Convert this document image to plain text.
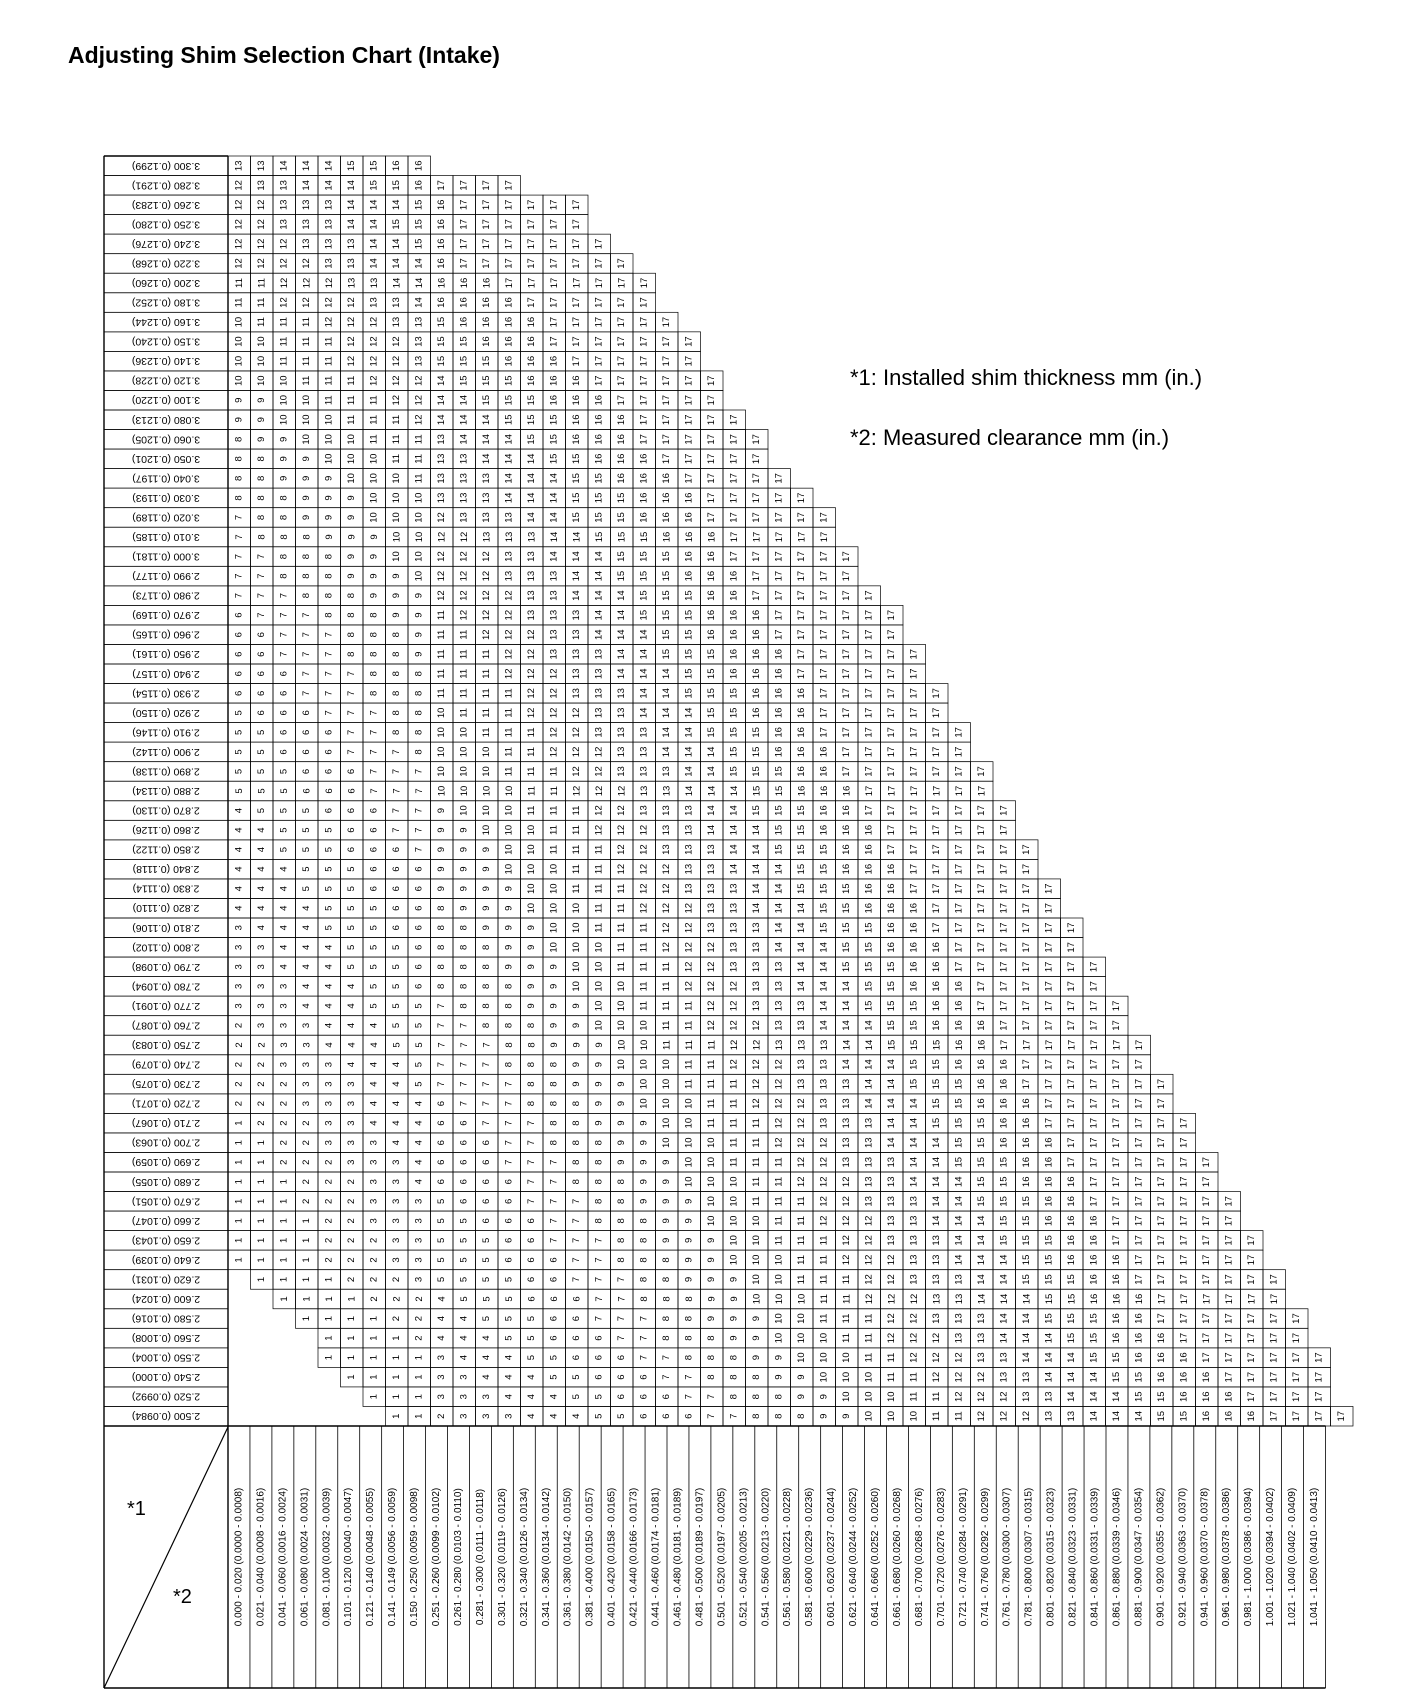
Adjusting Shim Selection Chart (Intake)
*1: Installed shim thickness mm (in.)
*2: Measured clearance mm (in.)
13 13 14 14 14 15 15 16 16
12 13 13 14 14 14 15 15 16 17 17 17 17
12 12 13 13 13 14 14 14 15 16 17 17 17 17 17 17
12 12 13 13 13 14 14 15 15 16 17 17 17 17 17 17
12 12 12 13 13 13 14 14 15 16 17 17 17 17 17 17 17
12 12 12 12 13 13 14 14 14 16 17 17 17 17 17 17 17 17
11 11 12 12 12 13 13 14 14 16 16 16 17 17 17 17 17 17 17
11 11 12 12 12 12 13 13 14 16 16 16 16 17 17 17 17 17 17
10 11 11 11 12 12 12 13 13 15 16 16 16 16 17 17 17 17 17 17
10 10 11 11 11 12 12 12 13 15 15 16 16 16 17 17 17 17 17 17 17
10 10 11 11 11 12 12 12 13 15 15 15 16 16 16 17 17 17 17 17 17
10 10 10 11 11 11 12 12 12 14 15 15 15 16 16 16 17 17 17 17 17 17
9 9 10 10 11 11 11 12 12 14 14 15 15 15 16 16 16 17 17 17 17 17
9 9 10 10 10 11 11 11 12 14 14 14 15 15 15 16 16 16 17 17 17 17 17
8 9 9 10 10 10 11 11 11 13 14 14 14 15 15 16 16 16 17 17 17 17 17 17
8 8 9 9 10 10 10 11 11 13 13 14 14 14 15 15 16 16 16 17 17 17 17 17
8 8 9 9 9 10 10 10 11 13 13 13 14 14 14 15 15 16 16 16 17 17 17 17 17
8 8 8 9 9 9 10 10 10 13 13 13 14 14 14 15 15 15 16 16 16 17 17 17 17 17
7 8 8 9 9 9 10 10 10 12 13 13 13 14 14 15 15 15 16 16 16 17 17 17 17 17 17
7 8 8 8 9 9 9 10 10 12 12 13 13 13 14 14 15 15 15 16 16 16 17 17 17 17 17
7 7 8 8 8 9 9 10 10 12 12 12 13 13 14 14 14 15 15 15 16 16 17 17 17 17 17 17
7 7 8 8 8 9 9 9 10 12 12 12 13 13 13 14 14 15 15 15 16 16 16 17 17 17 17 17
7 7 7 8 8 8 9 9 9 12 12 12 12 13 13 14 14 14 15 15 15 16 16 17 17 17 17 17 17
6 7 7 7 8 8 8 9 9 11 12 12 12 13 13 13 14 14 15 15 15 16 16 16 17 17 17 17 17 17
6 6 7 7 7 8 8 8 9 11 11 12 12 12 13 13 14 14 14 15 15 16 16 16 17 17 17 17 17 17
6 6 7 7 7 8 8 8 9 11 11 11 12 12 13 13 13 14 14 15 15 15 16 16 16 17 17 17 17 17 17
6 6 6 7 7 7 8 8 8 11 11 11 12 12 12 13 13 14 14 14 15 15 16 16 16 17 17 17 17 17 17
6 6 6 7 7 7 8 8 8 11 11 11 11 12 12 13 13 13 14 14 15 15 15 16 16 16 17 17 17 17 17 17
5 6 6 6 7 7 7 8 8 10 11 11 11 12 12 12 13 13 14 14 14 15 15 16 16 16 17 17 17 17 17 17
5 5 6 6 6 7 7 8 8 10 10 11 11 11 12 12 13 13 13 14 14 15 15 15 16 16 17 17 17 17 17 17 17
5 5 6 6 6 7 7 7 8 10 10 10 11 11 12 12 12 13 13 14 14 14 15 15 16 16 16 17 17 17 17 17 17
5 5 5 6 6 6 7 7 7 10 10 10 11 11 11 12 12 13 13 13 14 14 15 15 15 16 16 17 17 17 17 17 17 17
5 5 5 6 6 6 7 7 7 10 10 10 10 11 11 12 12 12 13 13 14 14 14 15 15 16 16 16 17 17 17 17 17 17
4 5 5 5 6 6 6 7 7 9 10 10 10 11 11 11 12 12 13 13 13 14 14 15 15 15 16 16 17 17 17 17 17 17 17
4 4 5 5 5 6 6 7 7 9 9 10 10 10 11 11 12 12 12 13 13 14 14 14 15 15 16 16 16 17 17 17 17 17 17
4 4 5 5 5 6 6 6 7 9 9 9 10 10 11 11 11 12 12 13 13 13 14 14 15 15 15 16 16 17 17 17 17 17 17 17
4 4 4 5 5 5 6 6 6 9 9 9 10 10 10 11 11 12 12 12 13 13 14 14 14 15 15 16 16 16 17 17 17 17 17 17
4 4 4 5 5 5 6 6 6 9 9 9 9 10 10 11 11 11 12 12 13 13 13 14 14 15 15 15 16 16 17 17 17 17 17 17 17
4 4 4 4 5 5 5 6 6 8 9 9 9 10 10 10 11 11 12 12 12 13 13 14 14 14 15 15 16 16 16 17 17 17 17 17 17
3 4 4 4 5 5 5 6 6 8 8 9 9 9 10 10 11 11 11 12 12 13 13 13 14 14 15 15 15 16 16 17 17 17 17 17 17 17
3 3 4 4 4 5 5 5 6 8 8 8 9 9 10 10 10 11 11 12 12 12 13 13 14 14 14 15 15 16 16 16 17 17 17 17 17 17
3 3 4 4 4 5 5 5 6 8 8 8 9 9 9 10 10 11 11 11 12 12 13 13 13 14 14 15 15 15 16 16 17 17 17 17 17 17 17
3 3 3 4 4 4 5 5 6 8 8 8 8 9 9 10 10 10 11 11 12 12 12 13 13 14 14 14 15 15 16 16 16 17 17 17 17 17 17
3 3 3 4 4 4 5 5 5 7 8 8 8 9 9 9 10 10 11 11 11 12 12 13 13 13 14 14 15 15 15 16 16 17 17 17 17 17 17 17
2 3 3 3 4 4 4 5 5 7 7 8 8 8 9 9 10 10 10 11 11 12 12 12 13 13 14 14 14 15 15 16 16 16 17 17 17 17 17 17
2 2 3 3 4 4 4 5 5 7 7 7 8 8 9 9 9 10 10 11 11 11 12 12 13 13 13 14 14 15 15 15 16 16 17 17 17 17 17 17 17
2 2 3 3 3 4 4 4 5 7 7 7 8 8 8 9 9 10 10 10 11 11 12 12 12 13 13 14 14 14 15 15 16 16 16 17 17 17 17 17 17
2 2 2 3 3 3 4 4 5 7 7 7 7 8 8 9 9 9 10 10 11 11 11 12 12 13 13 13 14 14 15 15 15 16 16 17 17 17 17 17 17 17
2 2 2 3 3 3 4 4 4 6 7 7 7 8 8 8 9 9 10 10 10 11 11 12 12 12 13 13 14 14 14 15 15 16 16 16 17 17 17 17 17 17
1 2 2 2 3 3 4 4 4 6 6 7 7 7 8 8 9 9 9 10 10 11 11 11 12 12 13 13 13 14 14 15 15 15 16 16 17 17 17 17 17 17 17
1 1 2 2 3 3 3 4 4 6 6 6 7 7 8 8 8 9 9 10 10 10 11 11 12 12 12 13 13 14 14 14 15 15 16 16 16 17 17 17 17 17 17
1 1 2 2 2 3 3 3 4 6 6 6 7 7 7 8 8 9 9 9 10 10 11 11 11 12 12 13 13 13 14 14 15 15 15 16 16 17 17 17 17 17 17 17
1 1 1 2 2 2 3 3 4 6 6 6 6 7 7 8 8 8 9 9 10 10 10 11 11 12 12 12 13 13 14 14 14 15 15 16 16 16 17 17 17 17 17 17
1 1 1 2 2 2 3 3 3 5 6 6 6 7 7 7 8 8 9 9 9 10 10 11 11 11 12 12 13 13 13 14 14 15 15 15 16 16 17 17 17 17 17 17 17
1 1 1 1 2 2 3 3 3 5 5 6 6 6 7 7 8 8 8 9 9 10 10 10 11 11 12 12 12 13 13 14 14 14 15 15 16 16 16 17 17 17 17 17 17
1 1 1 1 2 2 2 3 3 5 5 5 6 6 7 7 7 8 8 9 9 9 10 10 11 11 11 12 12 13 13 13 14 14 15 15 15 16 16 17 17 17 17 17 17 17
1 1 1 1 2 2 2 3 3 5 5 5 6 6 6 7 7 8 8 8 9 9 10 10 10 11 11 12 12 12 13 13 14 14 14 15 15 16 16 16 17 17 17 17 17 17
1 1 1 1 2 2 2 3 5 5 5 5 6 6 7 7 7 8 8 9 9 9 10 10 11 11 11 12 12 13 13 13 14 14 15 15 15 16 16 17 17 17 17 17 17 17
1 1 1 1 2 2 2 4 5 5 5 6 6 6 7 7 8 8 8 9 9 10 10 10 11 11 12 12 12 13 13 14 14 14 15 15 16 16 16 17 17 17 17 17 17
1 1 1 1 2 2 4 4 5 5 5 6 6 7 7 7 8 8 9 9 9 10 10 11 11 11 12 12 13 13 13 14 14 15 15 15 16 16 17 17 17 17 17 17 17
1 1 1 1 2 4 4 4 5 5 6 6 6 7 7 8 8 8 9 9 10 10 10 11 11 12 12 12 13 13 14 14 14 15 15 16 16 16 17 17 17 17 17 17
1 1 1 1 1 3 4 4 4 5 5 6 6 6 7 7 8 8 8 9 9 10 10 10 11 11 12 12 12 13 13 14 14 14 15 15 16 16 16 17 17 17 17 17 17
1 1 1 1 3 3 4 4 4 5 5 6 6 6 7 7 8 8 8 9 9 10 10 10 11 11 12 12 12 13 13 14 14 14 15 15 16 16 16 17 17 17 17 17
1 1 1 3 3 3 4 4 4 5 5 6 6 6 7 7 8 8 8 9 9 10 10 10 11 11 12 12 12 13 13 14 14 14 15 15 16 16 16 17 17 17 17
1 1 2 3 3 3 4 4 4 5 5 6 6 6 7 7 8 8 8 9 9 10 10 10 11 11 12 12 12 13 13 14 14 14 15 15 16 16 16 17 17 17 17
3.300 (0.1299)
3.280 (0.1291)
3.260 (0.1283)
3.250 (0.1280)
3.240 (0.1276)
3.220 (0.1268)
3.200 (0.1260)
3.180 (0.1252)
3.160 (0.1244)
3.150 (0.1240)
3.140 (0.1236)
3.120 (0.1228)
3.100 (0.1220)
3.080 (0.1213)
3.060 (0.1205)
3.050 (0.1201)
3.040 (0.1197)
3.030 (0.1193)
3.020 (0.1189)
3.010 (0.1185)
3.000 (0.1181)
2.990 (0.1177)
2.980 (0.1173)
2.970 (0.1169)
2.960 (0.1165)
2.950 (0.1161)
2.940 (0.1157)
2.930 (0.1154)
2.920 (0.1150)
2.910 (0.1146)
2.900 (0.1142)
2.890 (0.1138)
2.880 (0.1134)
2.870 (0.1130)
2.860 (0.1126)
2.850 (0.1122)
2.840 (0.1118)
2.830 (0.1114)
2.820 (0.1110)
2.810 (0.1106)
2.800 (0.1102)
2.790 (0.1098)
2.780 (0.1094)
2.770 (0.1091)
2.760 (0.1087)
2.750 (0.1083)
2.740 (0.1079)
2.730 (0.1075)
2.720 (0.1071)
2.710 (0.1067)
2.700 (0.1063)
2.690 (0.1059)
2.680 (0.1055)
2.670 (0.1051)
2.660 (0.1047)
2.650 (0.1043)
2.640 (0.1039)
2.620 (0.1031)
2.600 (0.1024)
2.580 (0.1016)
2.560 (0.1008)
2.550 (0.1004)
2.540 (0.1000)
2.520 (0.0992)
2.500 (0.0984)
0.000 - 0.020 (0.0000 - 0.0008) 0.021 - 0.040 (0.0008 - 0.0016) 0.041 - 0.060 (0.0016 - 0.0024) 0.061 - 0.080 (0.0024 - 0.0031) 0.081 - 0.100 (0.0032 - 0.0039) 0.101 - 0.120 (0.0040 - 0.0047) 0.121 - 0.140 (0.0048 - 0.0055) 0.141 - 0.149 (0.0056 - 0.0059) 0.150 - 0.250 (0.0059 - 0.0098) 0.251 - 0.260 (0.0099 - 0.0102) 0.261 - 0.280 (0.0103 - 0.0110) 0.281 - 0.300 (0.0111 - 0.0118) 0.301 - 0.320 (0.0119 - 0.0126) 0.321 - 0.340 (0.0126 - 0.0134) 0.341 - 0.360 (0.0134 - 0.0142) 0.361 - 0.380 (0.0142 - 0.0150) 0.381 - 0.400 (0.0150 - 0.0157) 0.401 - 0.420 (0.0158 - 0.0165) 0.421 - 0.440 (0.0166 - 0.0173) 0.441 - 0.460 (0.0174 - 0.0181) 0.461 - 0.480 (0.0181 - 0.0189) 0.481 - 0.500 (0.0189 - 0.0197) 0.501 - 0.520 (0.0197 - 0.0205) 0.521 - 0.540 (0.0205 - 0.0213) 0.541 - 0.560 (0.0213 - 0.0220) 0.561 - 0.580 (0.0221 - 0.0228) 0.581 - 0.600 (0.0229 - 0.0236) 0.601 - 0.620 (0.0237 - 0.0244) 0.621 - 0.640 (0.0244 - 0.0252) 0.641 - 0.660 (0.0252 - 0.0260) 0.661 - 0.680 (0.0260 - 0.0268) 0.681 - 0.700 (0.0268 - 0.0276) 0.701 - 0.720 (0.0276 - 0.0283) 0.721 - 0.740 (0.0284 - 0.0291) 0.741 - 0.760 (0.0292 - 0.0299) 0.761 - 0.780 (0.0300 - 0.0307) 0.781 - 0.800 (0.0307 - 0.0315) 0.801 - 0.820 (0.0315 - 0.0323) 0.821 - 0.840 (0.0323 - 0.0331) 0.841 - 0.860 (0.0331 - 0.0339) 0.861 - 0.880 (0.0339 - 0.0346) 0.881 - 0.900 (0.0347 - 0.0354) 0.901 - 0.920 (0.0355 - 0.0362) 0.921 - 0.940 (0.0363 - 0.0370) 0.941 - 0.960 (0.0370 - 0.0378) 0.961 - 0.980 (0.0378 - 0.0386) 0.981 - 1.000 (0.0386 - 0.0394) 1.001 - 1.020 (0.0394 - 0.0402) 1.021 - 1.040 (0.0402 - 0.0409) 1.041 - 1.050 (0.0410 - 0.0413)
*1
*2
